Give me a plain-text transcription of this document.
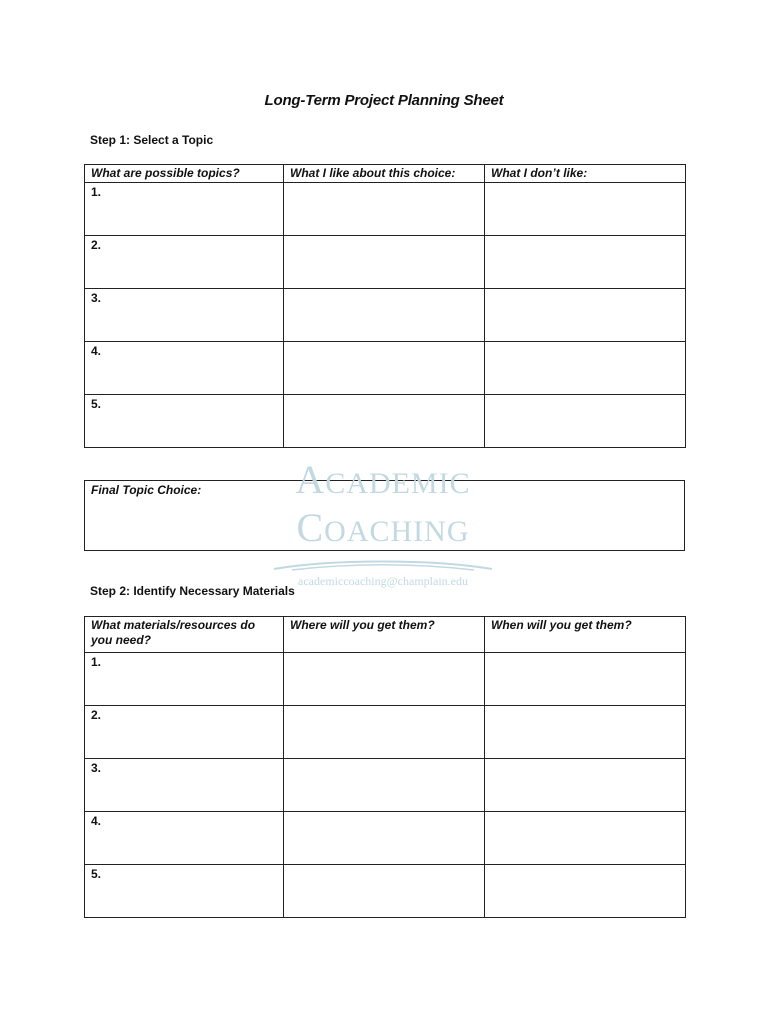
Long-Term Project Planning Sheet
Step 1: Select a Topic
What are possible topics?	What I like about this choice:	What I don’t like:
1.		
2.		
3.		
4.		
5.		
Final Topic Choice:	ACADEMIC
COACHING
academiccoaching@champlain.edu
Step 2: Identify Necessary Materials
What materials/resources do you need?	Where will you get them?	When will you get them?
1.		
2.		
3.		
4.		
5.		
